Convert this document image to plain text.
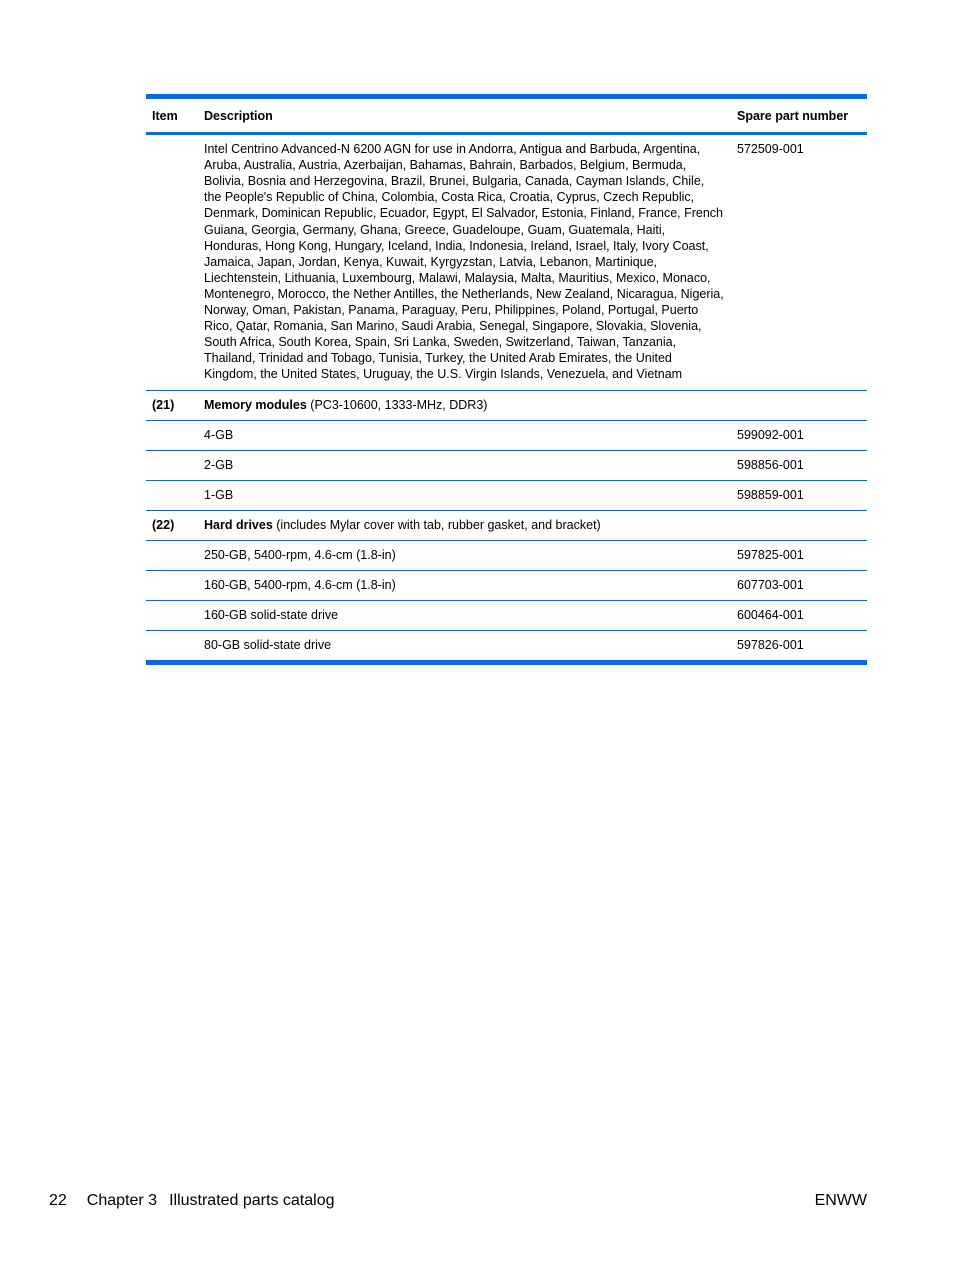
Item	Description	Spare part number
	Intel Centrino Advanced-N 6200 AGN for use in Andorra, Antigua and Barbuda, Argentina, Aruba, Australia, Austria, Azerbaijan, Bahamas, Bahrain, Barbados, Belgium, Bermuda, Bolivia, Bosnia and Herzegovina, Brazil, Brunei, Bulgaria, Canada, Cayman Islands, Chile, the People's Republic of China, Colombia, Costa Rica, Croatia, Cyprus, Czech Republic, Denmark, Dominican Republic, Ecuador, Egypt, El Salvador, Estonia, Finland, France, French Guiana, Georgia, Germany, Ghana, Greece, Guadeloupe, Guam, Guatemala, Haiti, Honduras, Hong Kong, Hungary, Iceland, India, Indonesia, Ireland, Israel, Italy, Ivory Coast, Jamaica, Japan, Jordan, Kenya, Kuwait, Kyrgyzstan, Latvia, Lebanon, Martinique, Liechtenstein, Lithuania, Luxembourg, Malawi, Malaysia, Malta, Mauritius, Mexico, Monaco, Montenegro, Morocco, the Nether Antilles, the Netherlands, New Zealand, Nicaragua, Nigeria, Norway, Oman, Pakistan, Panama, Paraguay, Peru, Philippines, Poland, Portugal, Puerto Rico, Qatar, Romania, San Marino, Saudi Arabia, Senegal, Singapore, Slovakia, Slovenia, South Africa, South Korea, Spain, Sri Lanka, Sweden, Switzerland, Taiwan, Tanzania, Thailand, Trinidad and Tobago, Tunisia, Turkey, the United Arab Emirates, the United Kingdom, the United States, Uruguay, the U.S. Virgin Islands, Venezuela, and Vietnam	572509-001
(21)	Memory modules (PC3-10600, 1333-MHz, DDR3)	
	4-GB	599092-001
	2-GB	598856-001
	1-GB	598859-001
(22)	Hard drives (includes Mylar cover with tab, rubber gasket, and bracket)	
	250-GB, 5400-rpm, 4.6-cm (1.8-in)	597825-001
	160-GB, 5400-rpm, 4.6-cm (1.8-in)	607703-001
	160-GB solid-state drive	600464-001
	80-GB solid-state drive	597826-001
22 Chapter 3 Illustrated parts catalog	ENWW
